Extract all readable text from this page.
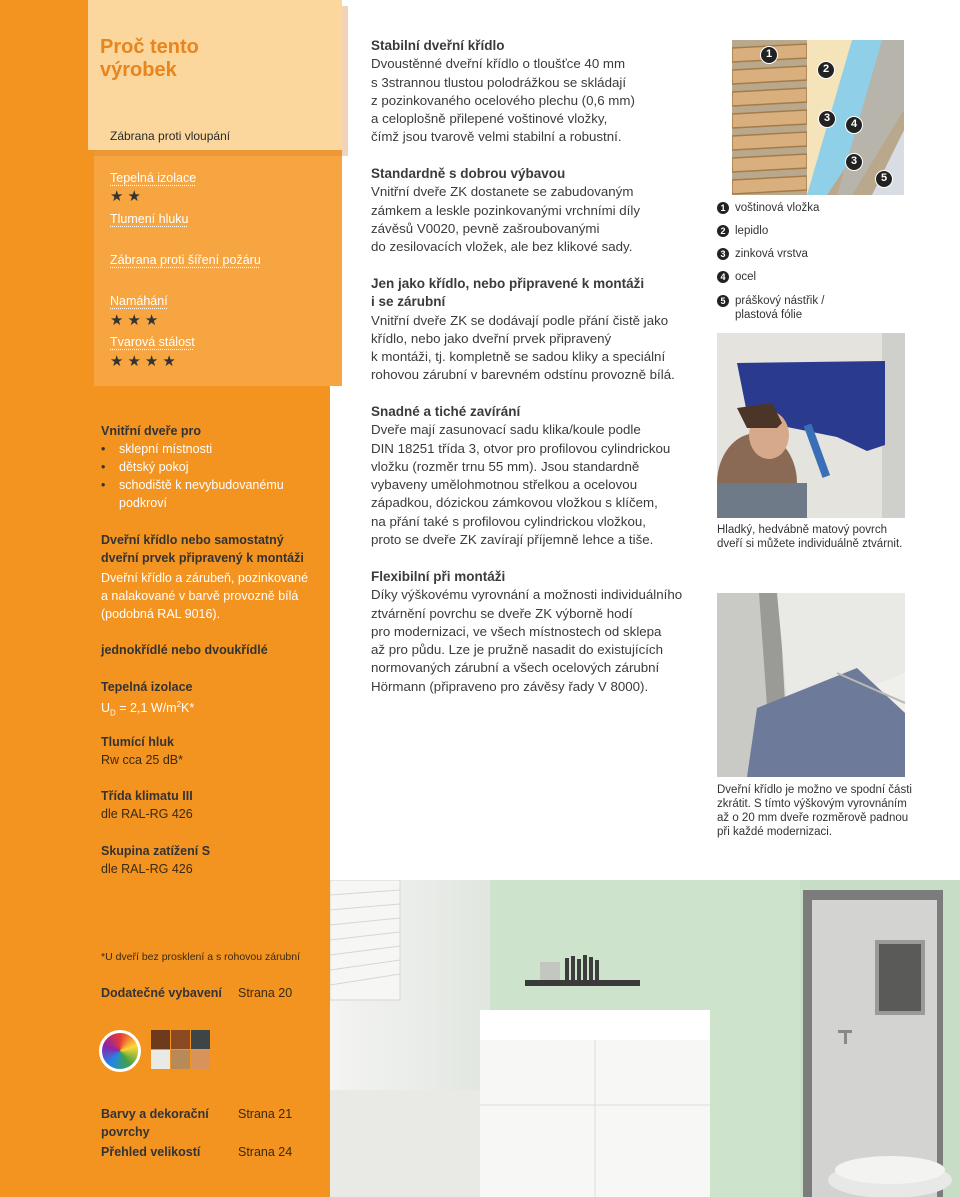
Proč tento
výrobek
Zábrana proti vloupání
Tepelná izolace
★★
Tlumení hluku
Zábrana proti šíření požáru
Namáhání
★★★
Tvarová stálost
★★★★
Vnitřní dveře pro
• sklepní místnosti
• dětský pokoj
• schodiště k nevybudovanému
podkroví
Dveřní křídlo nebo samostatný
dveřní prvek připravený k montáži
Dveřní křídlo a zárubeň, pozinkované
a nalakované v barvě provozně bílá
(podobná RAL 9016).
jednokřídlé nebo dvoukřídlé
Tepelná izolace
$U_D = 2,1$ $W/m^2K*$
Tlumící hluk
Rw cca 25 dB*
Třída klimatu III
dle RAL-RG 426
Skupina zatížení S
dle RAL-RG 426
*U dveří bez prosklení a s rohovou zárubní
Dodatečné vybavení Strana 20
Barvy a dekorační
povrchy
Strana 21
Přehled velikostí	Strana 24
Stabilní dveřní křídlo
Dvoustěnné dveřní křídlo o tloušťce 40 mm
s 3strannou tlustou polodrážkou se skládají
z pozinkovaného ocelového plechu (0,6 mm)
a celoplošně přilepené voštinové vložky,
čímž jsou tvarově velmi stabilní a robustní.
Standardně s dobrou výbavou
Vnitřní dveře ZK dostanete se zabudovaným
zámkem a leskle pozinkovanými vrchními díly
závěsů V0020, pevně zašroubovanými
do zesilovacích vložek, ale bez klikové sady.
Jen jako křídlo, nebo připravené k montáži
i se zárubní
Vnitřní dveře ZK se dodávají podle přání čistě jako
křídlo, nebo jako dveřní prvek připravený
k montáži, tj. kompletně se sadou kliky a speciální
rohovou zárubní v barevném odstínu provozně bílá.
Snadné a tiché zavírání
Dveře mají zasunovací sadu klika/koule podle
DIN 18251 třída 3, otvor pro profilovou cylindrickou
vložku (rozměr trnu 55 mm). Jsou standardně
vybaveny umělohmotnou střelkou a ocelovou
západkou, dózickou zámkovou vložkou s klíčem,
na přání také s profilovou cylindrickou vložkou,
proto se dveře ZK zavírají příjemně lehce a tiše.
Flexibilní při montáži
Díky výškovému vyrovnání a možnosti individuálního
ztvárnění povrchu se dveře ZK výborně hodí
pro modernizaci, ve všech místnostech od sklepa
až pro půdu. Lze je pružně nasadit do existujících
normovaných zárubní a všech ocelových zárubní
Hörmann (připraveno pro závěsy řady V 8000).
1
2
3	4
3
5
1 voštinová vložka
2 lepidlo
3 zinková vrstva
4 ocel
5 práškový nástřik /
plastová fólie
Hladký, hedvábně matový povrch
dveří si můžete individuálně ztvárnit.
Dveřní křídlo je možno ve spodní části
zkrátit. S tímto výškovým vyrovnáním
až o 20 mm dveře rozměrově padnou
při každé modernizaci.
